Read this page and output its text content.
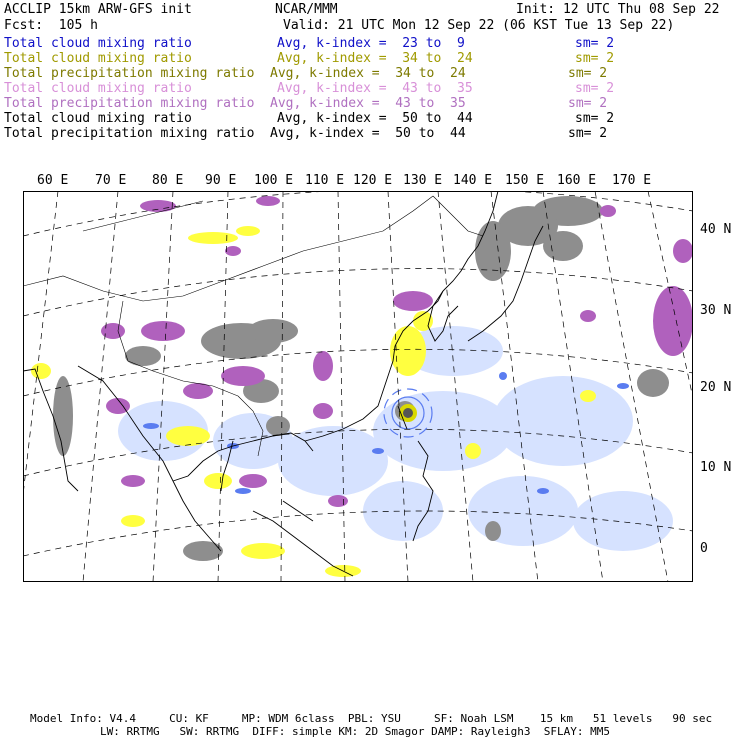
ACCLIP 15km ARW-GFS init	NCAR/MMM	Init: 12 UTC Thu 08 Sep 22
Fcst:  105 h	Valid: 21 UTC Mon 12 Sep 22 (06 KST Tue 13 Sep 22)
Total cloud mixing ratio	Avg, k-index =  23 to  9	sm= 2
Total cloud mixing ratio	Avg, k-index =  34 to  24	sm= 2
Total precipitation mixing ratio Avg, k-index =  34 to  24	sm= 2
Total cloud mixing ratio	Avg, k-index =  43 to  35	sm= 2
Total precipitation mixing ratio Avg, k-index =  43 to  35	sm= 2
Total cloud mixing ratio	Avg, k-index =  50 to  44	sm= 2
Total precipitation mixing ratio Avg, k-index =  50 to  44	sm= 2
60 E 70 E 80 E 90 E 100 E 110 E 120 E 130 E 140 E 150 E 160 E 170 E
40 N
30 N
20 N
10 N
0
Model Info: V4.4     CU: KF     MP: WDM 6class  PBL: YSU     SF: Noah LSM    15 km   51 levels   90 sec
LW: RRTMG   SW: RRTMG  DIFF: simple KM: 2D Smagor DAMP: Rayleigh3  SFLAY: MM5
